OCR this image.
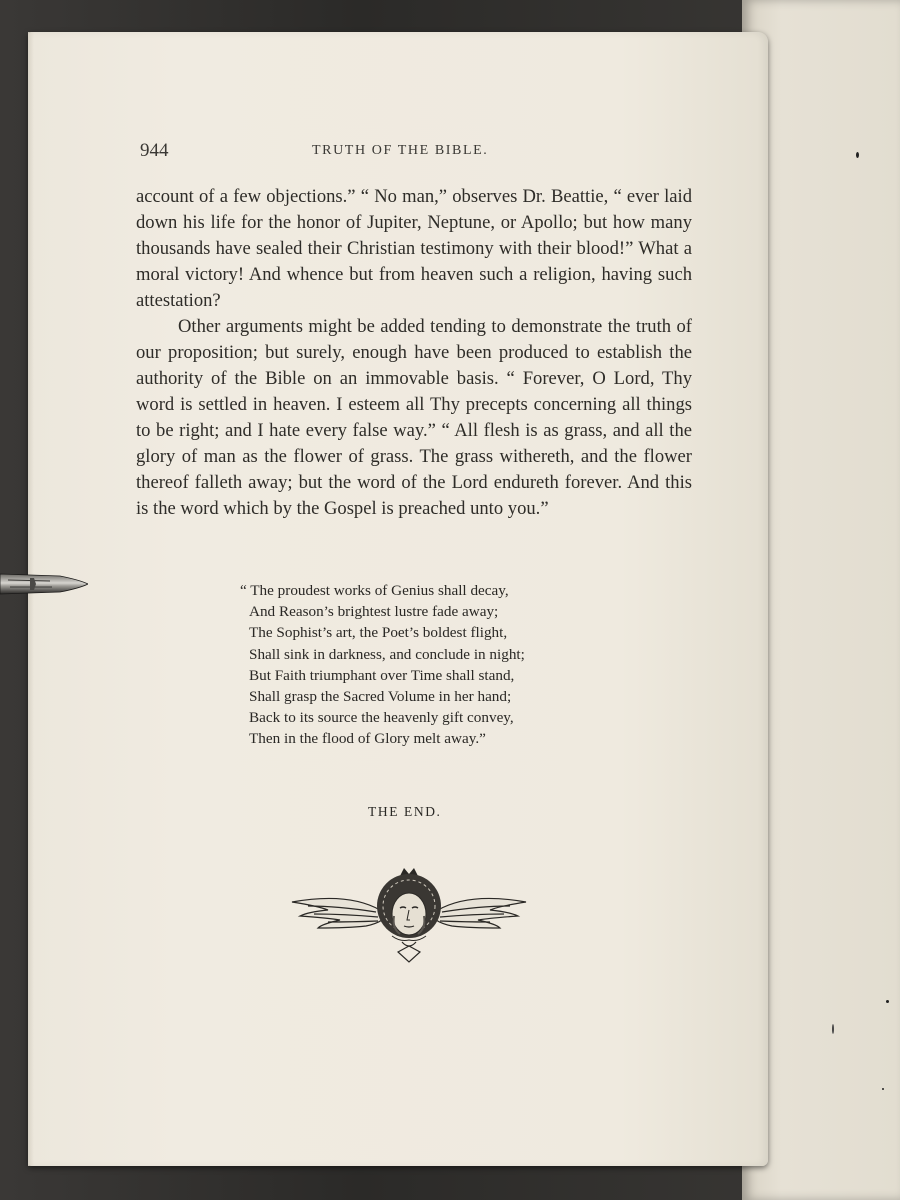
944	TRUTH OF THE BIBLE.

account of a few objections.” “ No man,” observes Dr. Beattie, “ ever laid down his life for the honor of Jupiter, Neptune, or Apollo; but how many thousands have sealed their Christian testimony with their blood!” What a moral victory! And whence but from heaven such a religion, having such attestation?

Other arguments might be added tending to demonstrate the truth of our proposition; but surely, enough have been produced to establish the authority of the Bible on an immovable basis. “ Forever, O Lord, Thy word is settled in heaven. I esteem all Thy precepts concerning all things to be right; and I hate every false way.” “ All flesh is as grass, and all the glory of man as the flower of grass. The grass withereth, and the flower thereof falleth away; but the word of the Lord endureth forever. And this is the word which by the Gospel is preached unto you.”

“ The proudest works of Genius shall decay,
And Reason’s brightest lustre fade away;
The Sophist’s art, the Poet’s boldest flight,
Shall sink in darkness, and conclude in night;
But Faith triumphant over Time shall stand,
Shall grasp the Sacred Volume in her hand;
Back to its source the heavenly gift convey,
Then in the flood of Glory melt away.”
THE END.
